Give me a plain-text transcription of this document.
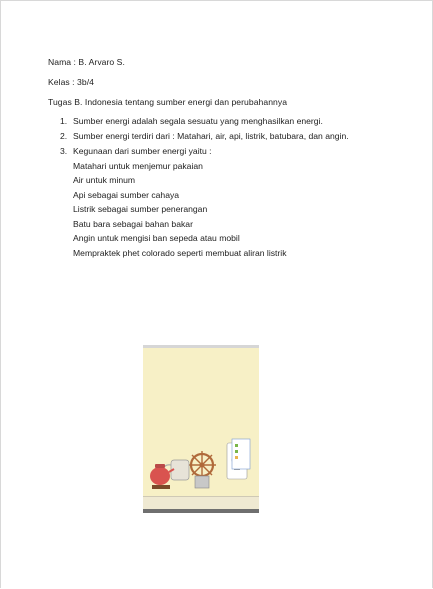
Nama : B. Arvaro S.
Kelas : 3b/4
Tugas B. Indonesia tentang sumber energi dan perubahannya
1. Sumber energi adalah segala sesuatu yang menghasilkan energi.
2. Sumber energi terdiri dari : Matahari, air, api, listrik, batubara, dan angin.
3. Kegunaan dari sumber energi yaitu :
Matahari untuk menjemur pakaian
Air untuk minum
Api sebagai sumber cahaya
Listrik sebagai sumber penerangan
Batu bara sebagai bahan bakar
Angin untuk mengisi ban sepeda atau mobil
Mempraktek phet colorado seperti membuat aliran listrik
